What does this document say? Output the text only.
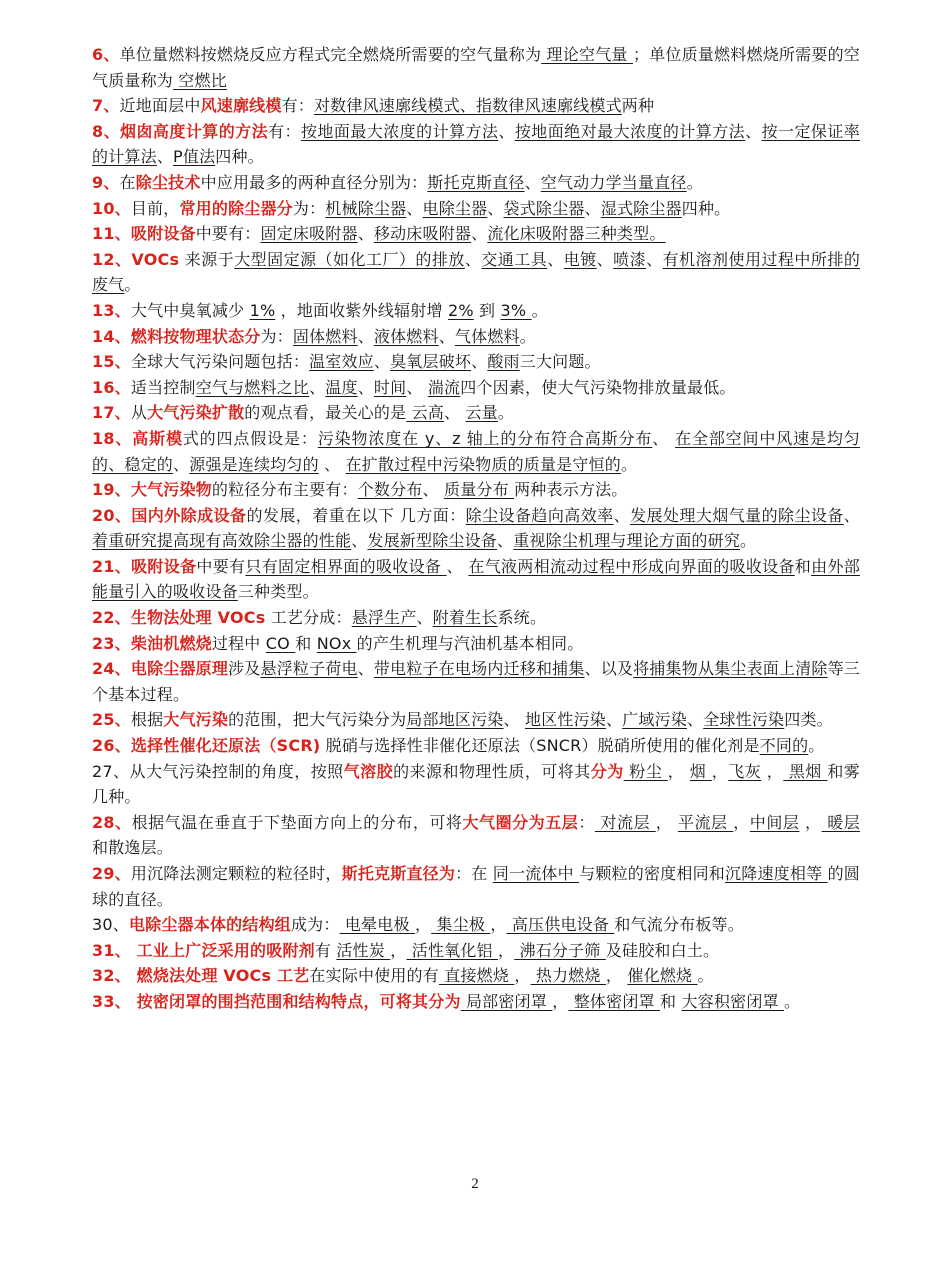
6、单位量燃料按燃烧反应方程式完全燃烧所需要的空气量称为 理论空气量 ；单位质量燃料燃烧所需要的空气质量称为 空燃比

7、近地面层中风速廓线模有：对数律风速廓线模式、指数律风速廓线模式两种

8、烟囱高度计算的方法有：按地面最大浓度的计算方法、按地面绝对最大浓度的计算方法、按一定保证率的计算法、P值法四种。

9、在除尘技术中应用最多的两种直径分别为：斯托克斯直径、空气动力学当量直径。

10、目前，常用的除尘器分为：机械除尘器、电除尘器、袋式除尘器、湿式除尘器四种。

11、吸附设备中要有：固定床吸附器、移动床吸附器、流化床吸附器三种类型。

12、VOCs 来源于大型固定源（如化工厂）的排放、交通工具、电镀、喷漆、有机溶剂使用过程中所排的废气。

13、大气中臭氧减少 1% ，地面收紫外线辐射增 2% 到 3% 。

14、燃料按物理状态分为：固体燃料、液体燃料、气体燃料。

15、全球大气污染问题包括：温室效应、臭氧层破坏、酸雨三大问题。

16、适当控制空气与燃料之比、温度、时间、 湍流四个因素，使大气污染物排放量最低。

17、从大气污染扩散的观点看，最关心的是 云高、 云量。

18、高斯模式的四点假设是：污染物浓度在 y、z 轴上的分布符合高斯分布、 在全部空间中风速是均匀的、稳定的、源强是连续均匀的 、 在扩散过程中污染物质的质量是守恒的。

19、大气污染物的粒径分布主要有：个数分布、 质量分布 两种表示方法。

20、国内外除成设备的发展，着重在以下 几方面：除尘设备趋向高效率、发展处理大烟气量的除尘设备、着重研究提高现有高效除尘器的性能、发展新型除尘设备、重视除尘机理与理论方面的研究。

21、吸附设备中要有只有固定相界面的吸收设备 、 在气液两相流动过程中形成向界面的吸收设备和由外部能量引入的吸收设备三种类型。

22、生物法处理 VOCs 工艺分成：悬浮生产、附着生长系统。

23、柴油机燃烧过程中 CO 和 NOx 的产生机理与汽油机基本相同。

24、电除尘器原理涉及悬浮粒子荷电、带电粒子在电场内迁移和捕集、以及将捕集物从集尘表面上清除等三个基本过程。

25、根据大气污染的范围，把大气污染分为局部地区污染、 地区性污染、广域污染、全球性污染四类。

26、选择性催化还原法（SCR) 脱硝与选择性非催化还原法（SNCR）脱硝所使用的催化剂是不同的。

27、从大气污染控制的角度，按照气溶胶的来源和物理性质，可将其分为 粉尘 ， 烟 ，飞灰 ， 黑烟 和雾几种。

28、根据气温在垂直于下垫面方向上的分布，可将大气圈分为五层： 对流层 ， 平流层 ，中间层 ， 暖层 和散逸层。

29、用沉降法测定颗粒的粒径时，斯托克斯直径为：在 同一流体中 与颗粒的密度相同和沉降速度相等 的圆球的直径。

30、电除尘器本体的结构组成为： 电晕电极 ， 集尘极 ， 高压供电设备 和气流分布板等。

31、 工业上广泛采用的吸附剂有 活性炭 ， 活性氧化铝 ， 沸石分子筛 及硅胶和白土。

32、 燃烧法处理 VOCs 工艺在实际中使用的有 直接燃烧 ， 热力燃烧 ， 催化燃烧 。

33、 按密闭罩的围挡范围和结构特点，可将其分为 局部密闭罩 ， 整体密闭罩 和 大容积密闭罩 。

2
